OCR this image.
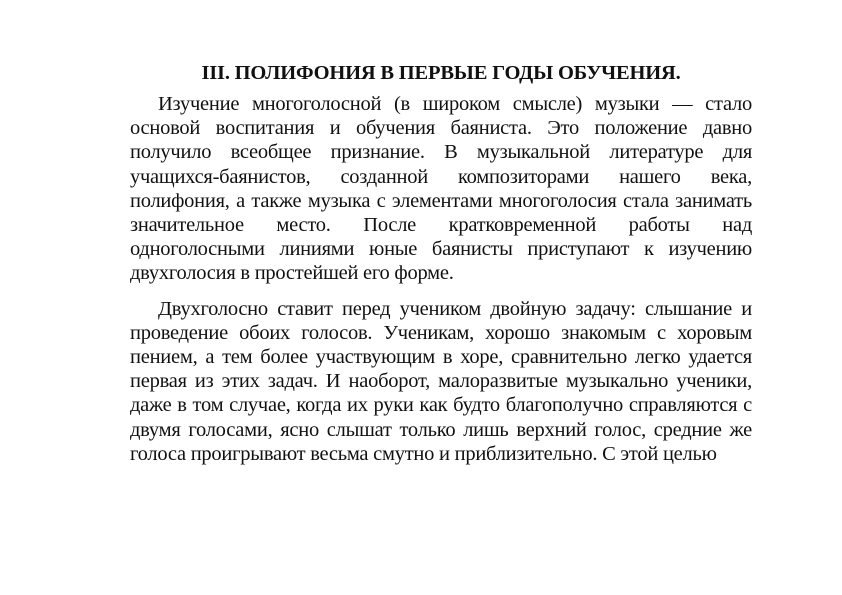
III. ПОЛИФОНИЯ В ПЕРВЫЕ ГОДЫ ОБУЧЕНИЯ.

Изучение многоголосной (в широком смысле) музыки — стало основой воспитания и обучения баяниста. Это положение давно получило всеобщее признание. В музыкальной литературе для учащихся-баянистов, созданной композиторами нашего века, полифония, а также музыка с элементами многоголосия стала занимать значительное место. После кратковременной работы над одноголосными линиями юные баянисты приступают к изучению двухголосия в простейшей его форме.

Двухголосно ставит перед учеником двойную задачу: слышание и проведение обоих голосов. Ученикам, хорошо знакомым с хоровым пением, а тем более участвующим в хоре, сравнительно легко удается первая из этих задач. И наоборот, малоразвитые музыкально ученики, даже в том случае, когда их руки как будто благополучно справляются с двумя голосами, ясно слышат только лишь верхний голос, средние же голоса проигрывают весьма смутно и приблизительно. С этой целью
